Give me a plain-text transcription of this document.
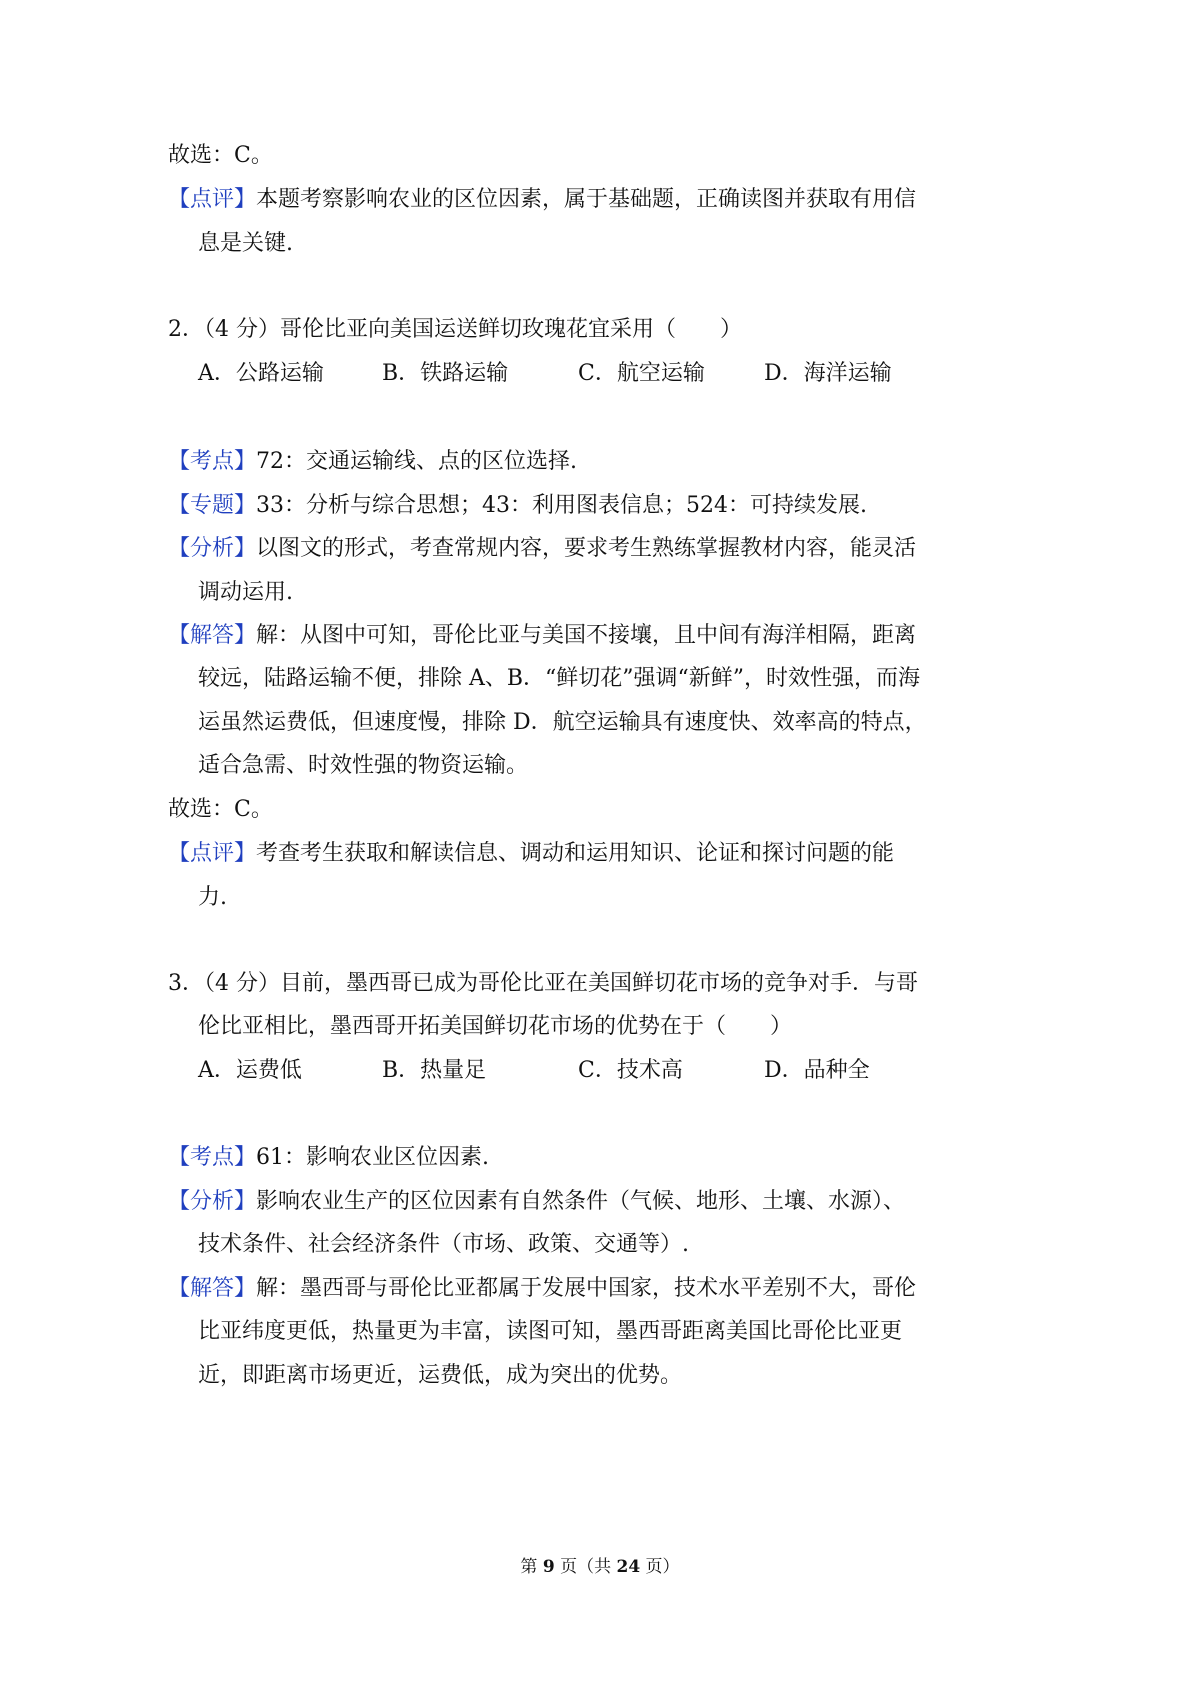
故选：C。
【点评】本题考察影响农业的区位因素，属于基础题，正确读图并获取有用信
息是关键.
2．（4 分）哥伦比亚向美国运送鲜切玫瑰花宜采用（　　）
A．公路运输	B．铁路运输	C．航空运输	D．海洋运输
【考点】72：交通运输线、点的区位选择.
【专题】33：分析与综合思想；43：利用图表信息；524：可持续发展.
【分析】以图文的形式，考查常规内容，要求考生熟练掌握教材内容，能灵活
调动运用.
【解答】解：从图中可知，哥伦比亚与美国不接壤，且中间有海洋相隔，距离
较远，陆路运输不便，排除 A、B．“鲜切花”强调“新鲜”，时效性强，而海
运虽然运费低，但速度慢，排除 D．航空运输具有速度快、效率高的特点，
适合急需、时效性强的物资运输。
故选：C。
【点评】考查考生获取和解读信息、调动和运用知识、论证和探讨问题的能
力.
3．（4 分）目前，墨西哥已成为哥伦比亚在美国鲜切花市场的竞争对手．与哥
伦比亚相比，墨西哥开拓美国鲜切花市场的优势在于（　　）
A．运费低	B．热量足	C．技术高	D．品种全
【考点】61：影响农业区位因素.
【分析】影响农业生产的区位因素有自然条件（气候、地形、土壤、水源）、
技术条件、社会经济条件（市场、政策、交通等）.
【解答】解：墨西哥与哥伦比亚都属于发展中国家，技术水平差别不大，哥伦
比亚纬度更低，热量更为丰富，读图可知，墨西哥距离美国比哥伦比亚更
近，即距离市场更近，运费低，成为突出的优势。
第 9 页（共 24 页）
